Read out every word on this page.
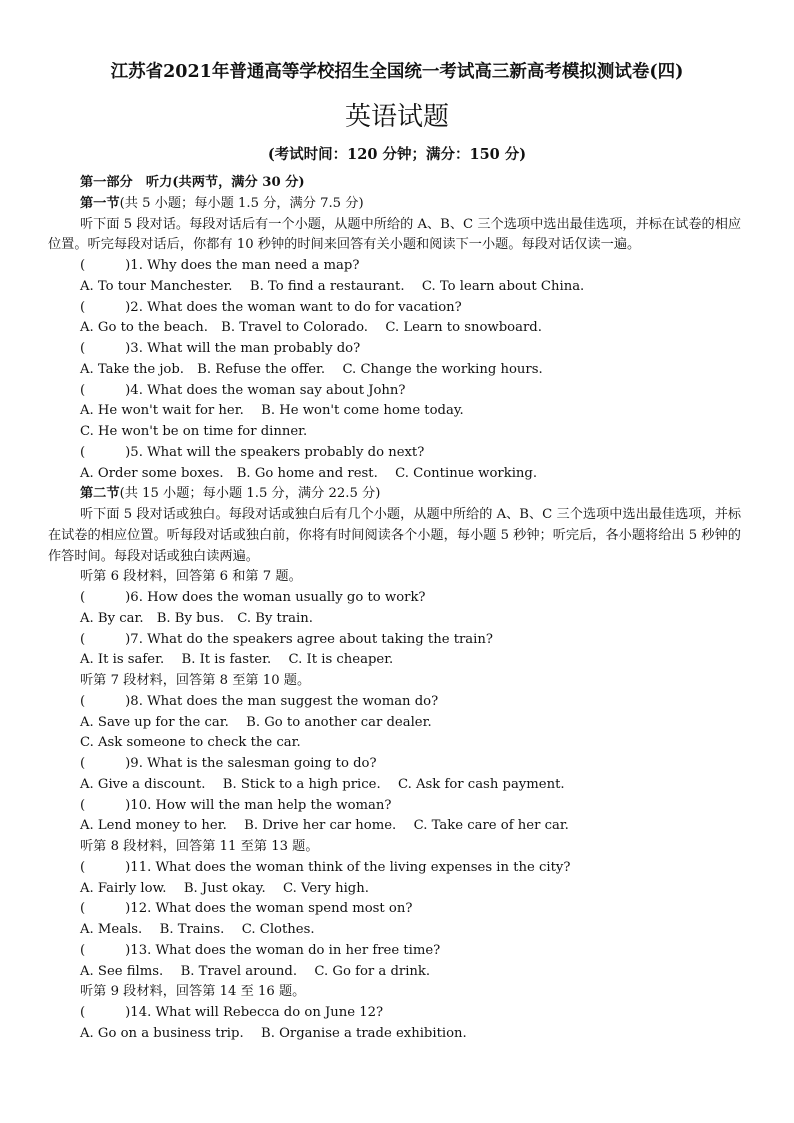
江苏省2021年普通高等学校招生全国统一考试高三新高考模拟测试卷(四)
英语试题
(考试时间：120 分钟；满分：150 分)
第一部分　听力(共两节，满分 30 分)
第一节(共 5 小题；每小题 1.5 分，满分 7.5 分)
听下面 5 段对话。每段对话后有一个小题，从题中所给的 A、B、C 三个选项中选出最佳选项，并标在试卷的相应位置。听完每段对话后，你都有 10 秒钟的时间来回答有关小题和阅读下一小题。每段对话仅读一遍。
(	)1. Why does the man need a map?
A. To tour Manchester.　 B. To find a restaurant.　 C. To learn about China.
(	)2. What does the woman want to do for vacation?
A. Go to the beach.　B. Travel to Colorado.　 C. Learn to snowboard.
(	)3. What will the man probably do?
A. Take the job.　B. Refuse the offer.　 C. Change the working hours.
(	)4. What does the woman say about John?
A. He won't wait for her.　 B. He won't come home today.
C. He won't be on time for dinner.
(	)5. What will the speakers probably do next?
A. Order some boxes.　B. Go home and rest.　 C. Continue working.
第二节(共 15 小题；每小题 1.5 分，满分 22.5 分)
听下面 5 段对话或独白。每段对话或独白后有几个小题，从题中所给的 A、B、C 三个选项中选出最佳选项，并标在试卷的相应位置。听每段对话或独白前，你将有时间阅读各个小题，每小题 5 秒钟；听完后，各小题将给出 5 秒钟的作答时间。每段对话或独白读两遍。
听第 6 段材料，回答第 6 和第 7 题。
(	)6. How does the woman usually go to work?
A. By car.　B. By bus.　C. By train.
(	)7. What do the speakers agree about taking the train?
A. It is safer.　 B. It is faster.　 C. It is cheaper.
听第 7 段材料，回答第 8 至第 10 题。
(	)8. What does the man suggest the woman do?
A. Save up for the car.　 B. Go to another car dealer.
C. Ask someone to check the car.
(	)9. What is the salesman going to do?
A. Give a discount.　 B. Stick to a high price.　 C. Ask for cash payment.
(	)10. How will the man help the woman?
A. Lend money to her.　 B. Drive her car home.　 C. Take care of her car.
听第 8 段材料，回答第 11 至第 13 题。
(	)11. What does the woman think of the living expenses in the city?
A. Fairly low.　 B. Just okay.　 C. Very high.
(	)12. What does the woman spend most on?
A. Meals.　 B. Trains.　 C. Clothes.
(	)13. What does the woman do in her free time?
A. See films.　 B. Travel around.　 C. Go for a drink.
听第 9 段材料，回答第 14 至 16 题。
(	)14. What will Rebecca do on June 12?
A. Go on a business trip.　 B. Organise a trade exhibition.
